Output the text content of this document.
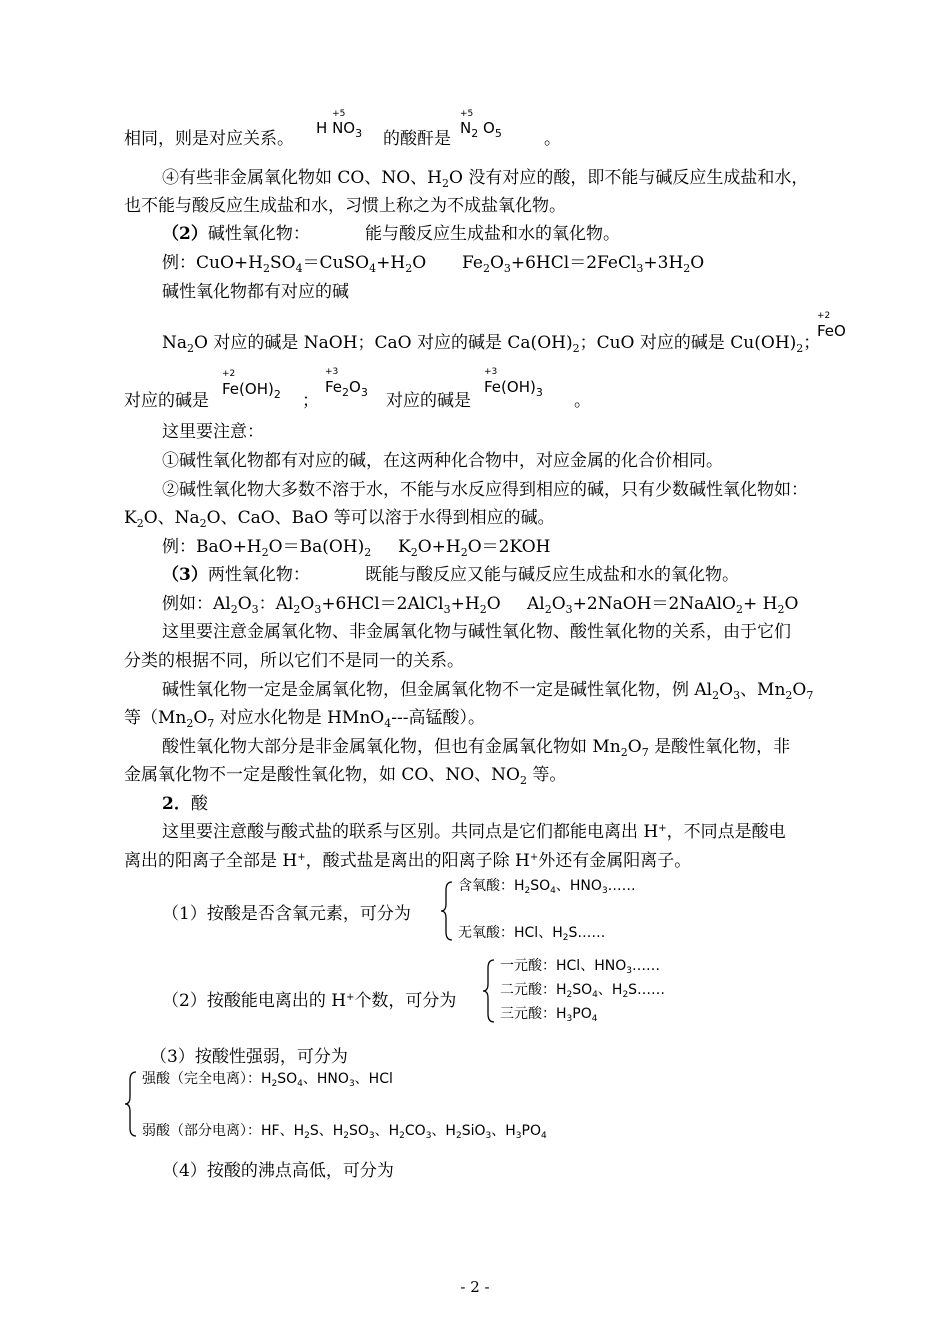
相同，则是对应关系。
H
+5
$NO_3$	的酸酐是
+5
$N_2$ $O_5$	。
④有些非金属氧化物如 CO、NO、$H_2O$ 没有对应的酸，即不能与碱反应生成盐和水，
也不能与酸反应生成盐和水，习惯上称之为不成盐氧化物。
（2）碱性氧化物：	能与酸反应生成盐和水的氧化物。
例：$CuO+H_2SO_4=CuSO_4+H_2O$ $Fe_2O_3+6HCl=2FeCl_3+3H_2O$
碱性氧化物都有对应的碱
$Na_2O$ 对应的碱是 NaOH；CaO 对应的碱是 $Ca(OH)_2$；CuO 对应的碱是 $Cu(OH)_2$；
+2
FeO
对应的碱是
+2
$Fe(OH)_2$	；
+3
$Fe_2O_3$	对应的碱是
+3
$Fe(OH)_3$	。
这里要注意：
①碱性氧化物都有对应的碱，在这两种化合物中，对应金属的化合价相同。
②碱性氧化物大多数不溶于水，不能与水反应得到相应的碱，只有少数碱性氧化物如：
$K_2O$、$Na_2O$、CaO、BaO 等可以溶于水得到相应的碱。
例：$BaO+H_2O=Ba(OH)_2$ $K_2O+H_2O=2KOH$
（3）两性氧化物：	既能与酸反应又能与碱反应生成盐和水的氧化物。
例如：$Al_2O_3$：$Al_2O_3+6HCl=2AlCl_3+H_2O$ $Al_2O_3+2NaOH=2NaAlO_2+ H_2O$
这里要注意金属氧化物、非金属氧化物与碱性氧化物、酸性氧化物的关系，由于它们
分类的根据不同，所以它们不是同一的关系。
碱性氧化物一定是金属氧化物，但金属氧化物不一定是碱性氧化物，例 $Al_2O_3$、$Mn_2O_7$
等（$Mn_2O_7$ 对应水化物是 HMnO$_4$---高锰酸）。
酸性氧化物大部分是非金属氧化物，但也有金属氧化物如 $Mn_2O_7$ 是酸性氧化物，非
金属氧化物不一定是酸性氧化物，如 CO、NO、$NO_2$ 等。
2．酸
这里要注意酸与酸式盐的联系与区别。共同点是它们都能电离出 H+，不同点是酸电
离出的阳离子全部是 H+，酸式盐是离出的阳离子除 H+外还有金属阳离子。
（1）按酸是否含氧元素，可分为
含氧酸：$H_2SO_4$、$HNO_3\dots\dots$
无氧酸：HCl、$H_2S\dots\dots$
（2）按酸能电离出的 H+个数，可分为
一元酸：HCl、$HNO_3\dots\dots$
二元酸：$H_2SO_4$、$H_2S\dots\dots$
三元酸：$H_3PO_4$
（3）按酸性强弱，可分为
强酸（完全电离）：$H_2SO_4$、$HNO_3$、HCl
弱酸（部分电离）：HF、$H_2S$、$H_2SO_3$、$H_2CO_3$、$H_2SiO_3$、$H_3PO_4$
（4）按酸的沸点高低，可分为
- 2 -
